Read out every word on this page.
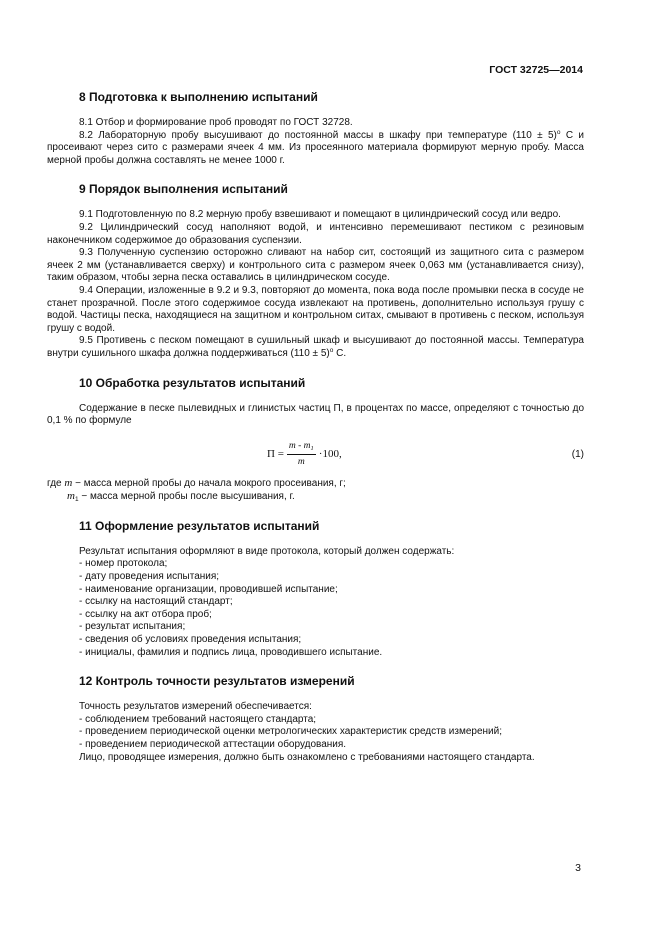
ГОСТ 32725—2014
8 Подготовка к выполнению испытаний

8.1 Отбор и формирование проб проводят по ГОСТ 32728.

8.2 Лабораторную пробу высушивают до постоянной массы в шкафу при температуре $(110 \pm 5)^o$ С и просеивают через сито с размерами ячеек 4 мм. Из просеянного материала формируют мерную пробу. Масса мерной пробы должна составлять не менее 1000 г.

9 Порядок выполнения испытаний

9.1 Подготовленную по 8.2 мерную пробу взвешивают и помещают в цилиндрический сосуд или ведро.

9.2 Цилиндрический сосуд наполняют водой, и интенсивно перемешивают пестиком с резиновым наконечником содержимое до образования суспензии.

9.3 Полученную суспензию осторожно сливают на набор сит, состоящий из защитного сита с размером ячеек 2 мм (устанавливается сверху) и контрольного сита с размером ячеек 0,063 мм (устанавливается снизу), таким образом, чтобы зерна песка оставались в цилиндрическом сосуде.

9.4 Операции, изложенные в 9.2 и 9.3, повторяют до момента, пока вода после промывки песка в сосуде не станет прозрачной. После этого содержимое сосуда извлекают на противень, дополнительно используя грушу с водой. Частицы песка, находящиеся на защитном и контрольном ситах, смывают в противень с песком, используя грушу с водой.

9.5 Противень с песком помещают в сушильный шкаф и высушивают до постоянной массы. Температура внутри сушильного шкафа должна поддерживаться $(110 \pm 5)^o$ С.

10 Обработка результатов испытаний

Содержание в песке пылевидных и глинистых частиц П, в процентах по массе, определяют с точностью до 0,1 % по формуле

$П = \frac{m - m_1}{m} \cdot 100$ ,	(1)

где m − масса мерной пробы до начала мокрого просеивания, г;

$m_1$ − масса мерной пробы после высушивания, г.

11 Оформление результатов испытаний

Результат испытания оформляют в виде протокола, который должен содержать:

- номер протокола;

- дату проведения испытания;

- наименование организации, проводившей испытание;

- ссылку на настоящий стандарт;

- ссылку на акт отбора проб;

- результат испытания;

- сведения об условиях проведения испытания;

- инициалы, фамилия и подпись лица, проводившего испытание.

12 Контроль точности результатов измерений

Точность результатов измерений обеспечивается:

- соблюдением требований настоящего стандарта;

- проведением периодической оценки метрологических характеристик средств измерений;

- проведением периодической аттестации оборудования.

Лицо, проводящее измерения, должно быть ознакомлено с требованиями настоящего стандарта.

3
